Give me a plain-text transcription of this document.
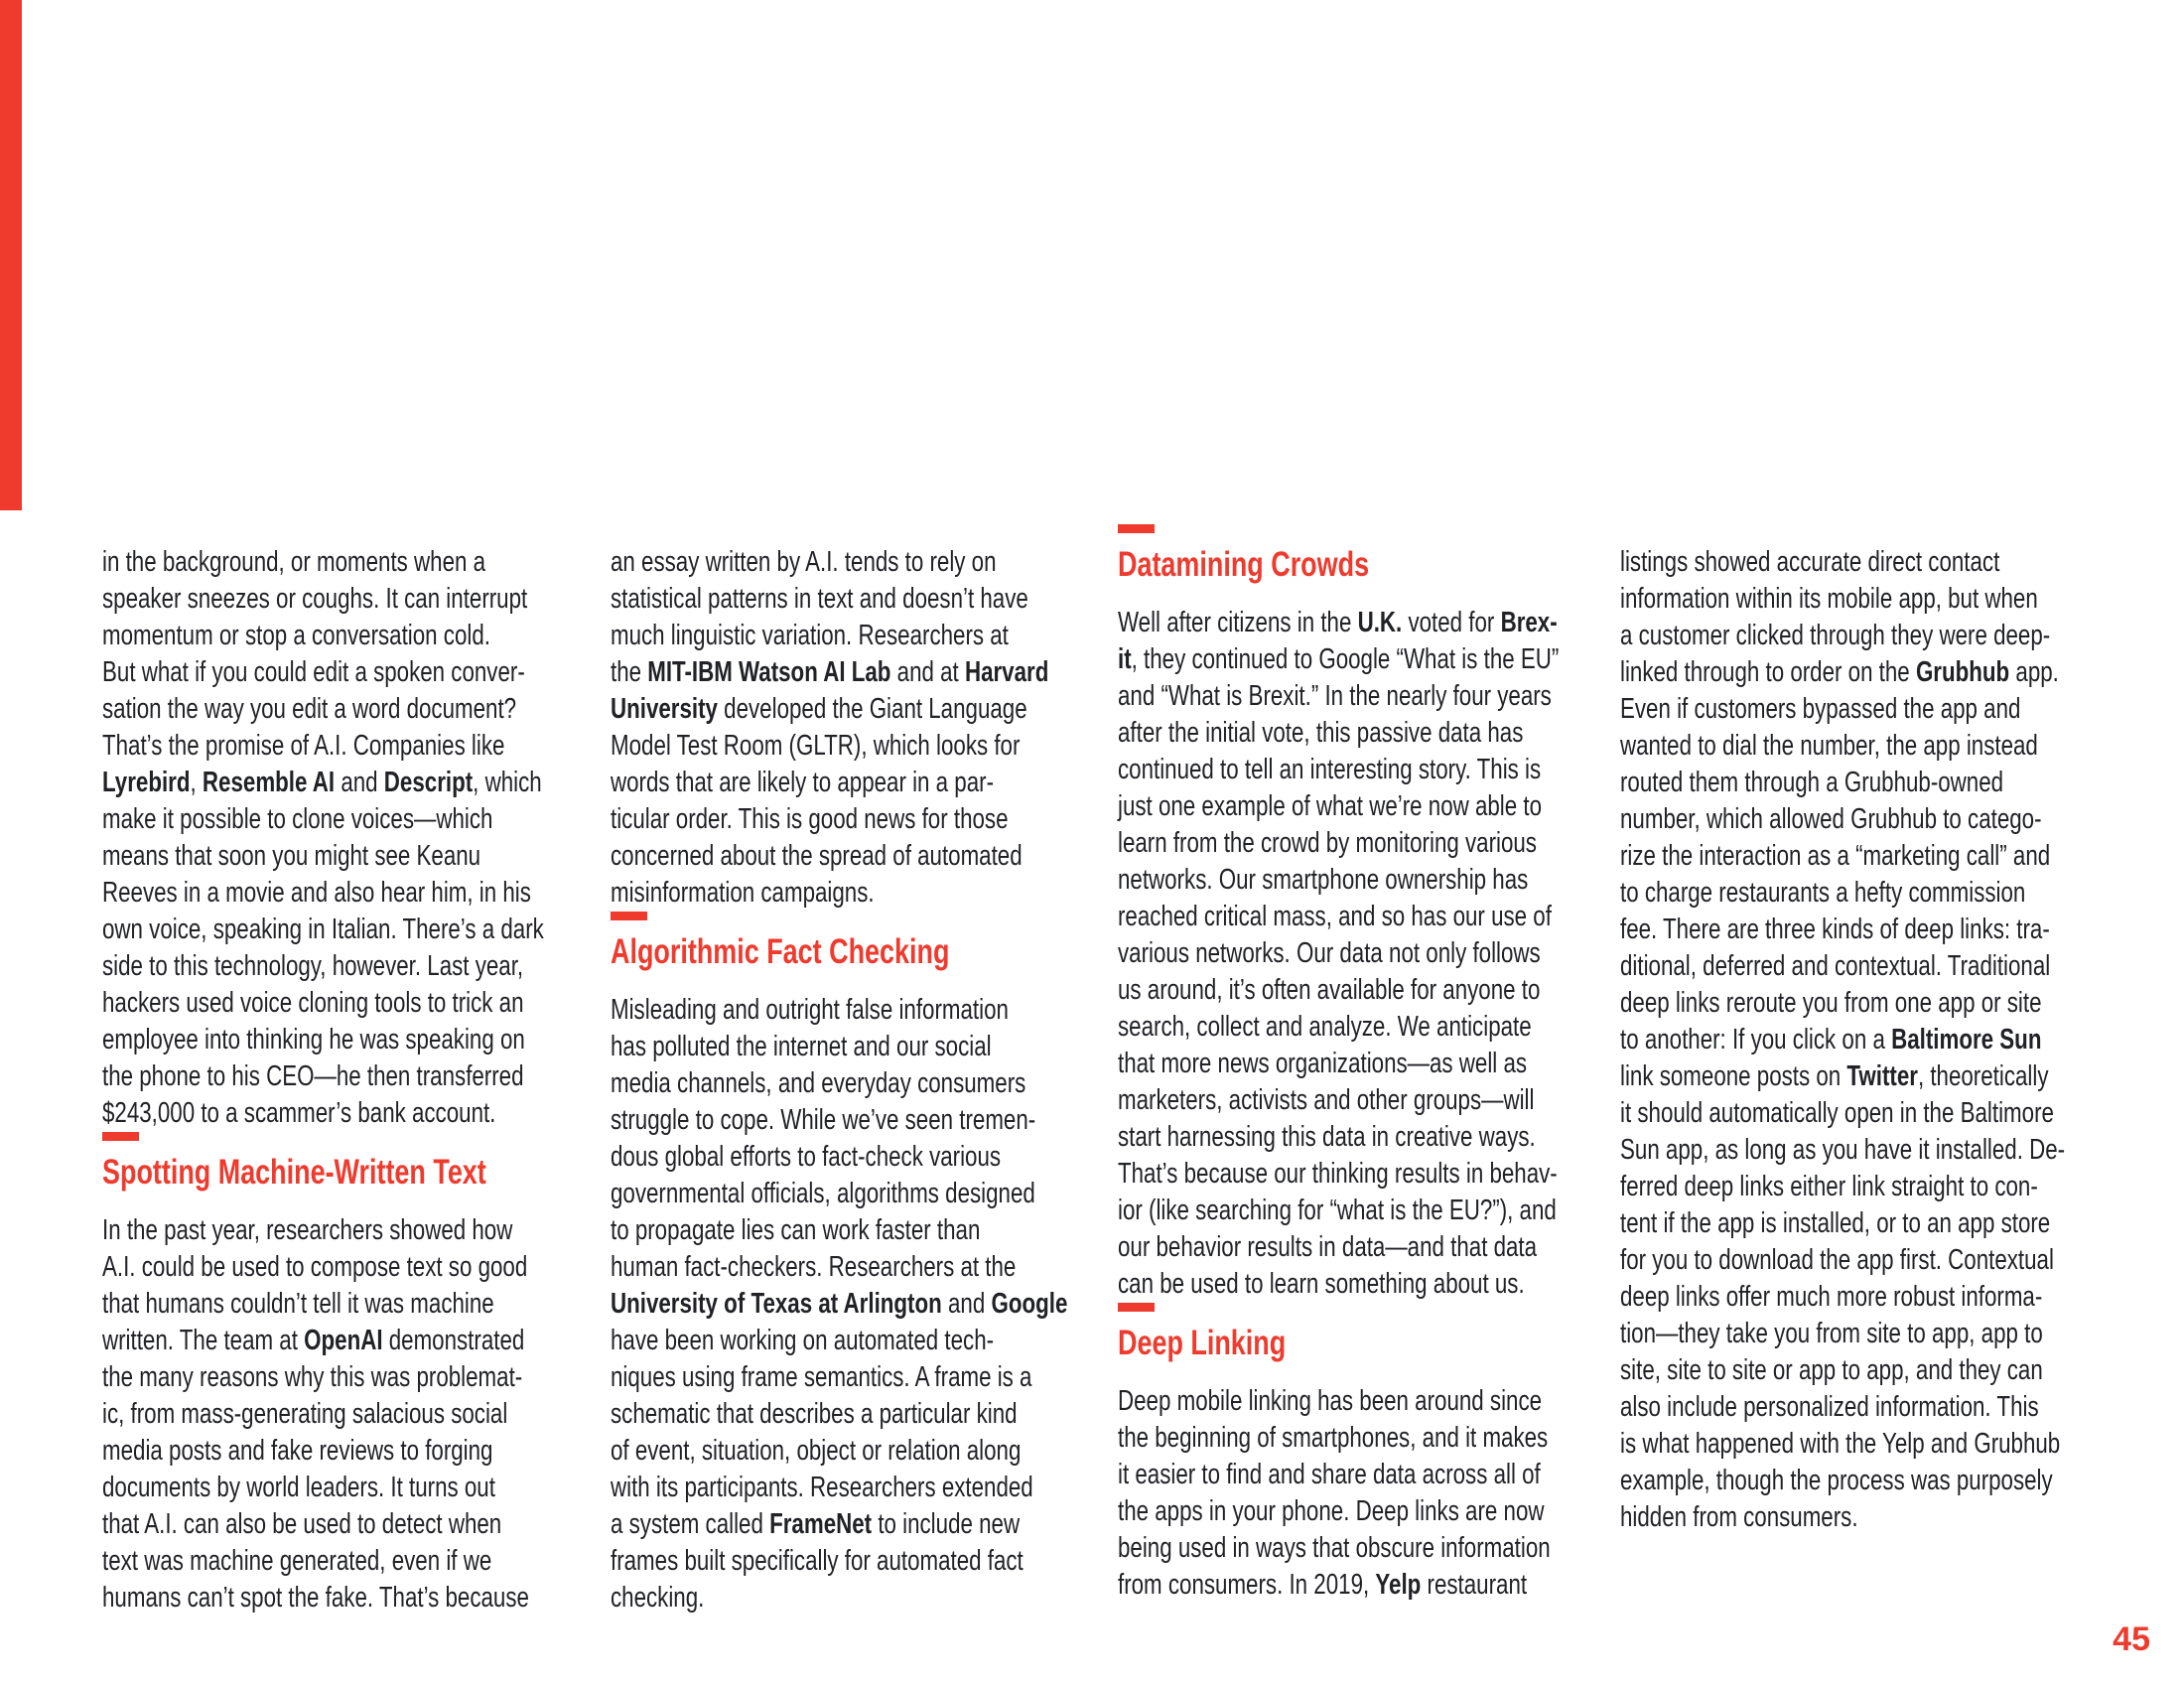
in the background, or moments when a
speaker sneezes or coughs. It can interrupt
momentum or stop a conversation cold.
But what if you could edit a spoken conver-
sation the way you edit a word document?
That’s the promise of A.I. Companies like
Lyrebird, Resemble AI and Descript, which
make it possible to clone voices—which
means that soon you might see Keanu
Reeves in a movie and also hear him, in his
own voice, speaking in Italian. There’s a dark
side to this technology, however. Last year,
hackers used voice cloning tools to trick an
employee into thinking he was speaking on
the phone to his CEO—he then transferred
$243,000 to a scammer’s bank account.
Spotting Machine-Written Text
In the past year, researchers showed how
A.I. could be used to compose text so good
that humans couldn’t tell it was machine
written. The team at OpenAI demonstrated
the many reasons why this was problemat-
ic, from mass-generating salacious social
media posts and fake reviews to forging
documents by world leaders. It turns out
that A.I. can also be used to detect when
text was machine generated, even if we
humans can’t spot the fake. That’s because
an essay written by A.I. tends to rely on
statistical patterns in text and doesn’t have
much linguistic variation. Researchers at
the MIT-IBM Watson AI Lab and at Harvard
University developed the Giant Language
Model Test Room (GLTR), which looks for
words that are likely to appear in a par-
ticular order. This is good news for those
concerned about the spread of automated
misinformation campaigns.
Algorithmic Fact Checking
Misleading and outright false information
has polluted the internet and our social
media channels, and everyday consumers
struggle to cope. While we’ve seen tremen-
dous global efforts to fact-check various
governmental officials, algorithms designed
to propagate lies can work faster than
human fact-checkers. Researchers at the
University of Texas at Arlington and Google
have been working on automated tech-
niques using frame semantics. A frame is a
schematic that describes a particular kind
of event, situation, object or relation along
with its participants. Researchers extended
a system called FrameNet to include new
frames built specifically for automated fact
checking.
Datamining Crowds
Well after citizens in the U.K. voted for Brex-
it, they continued to Google “What is the EU”
and “What is Brexit.” In the nearly four years
after the initial vote, this passive data has
continued to tell an interesting story. This is
just one example of what we’re now able to
learn from the crowd by monitoring various
networks. Our smartphone ownership has
reached critical mass, and so has our use of
various networks. Our data not only follows
us around, it’s often available for anyone to
search, collect and analyze. We anticipate
that more news organizations—as well as
marketers, activists and other groups—will
start harnessing this data in creative ways.
That’s because our thinking results in behav-
ior (like searching for “what is the EU?”), and
our behavior results in data—and that data
can be used to learn something about us.
Deep Linking
Deep mobile linking has been around since
the beginning of smartphones, and it makes
it easier to find and share data across all of
the apps in your phone. Deep links are now
being used in ways that obscure information
from consumers. In 2019, Yelp restaurant
listings showed accurate direct contact
information within its mobile app, but when
a customer clicked through they were deep-
linked through to order on the Grubhub app.
Even if customers bypassed the app and
wanted to dial the number, the app instead
routed them through a Grubhub-owned
number, which allowed Grubhub to catego-
rize the interaction as a “marketing call” and
to charge restaurants a hefty commission
fee. There are three kinds of deep links: tra-
ditional, deferred and contextual. Traditional
deep links reroute you from one app or site
to another: If you click on a Baltimore Sun
link someone posts on Twitter, theoretically
it should automatically open in the Baltimore
Sun app, as long as you have it installed. De-
ferred deep links either link straight to con-
tent if the app is installed, or to an app store
for you to download the app first. Contextual
deep links offer much more robust informa-
tion—they take you from site to app, app to
site, site to site or app to app, and they can
also include personalized information. This
is what happened with the Yelp and Grubhub
example, though the process was purposely
hidden from consumers.
45
